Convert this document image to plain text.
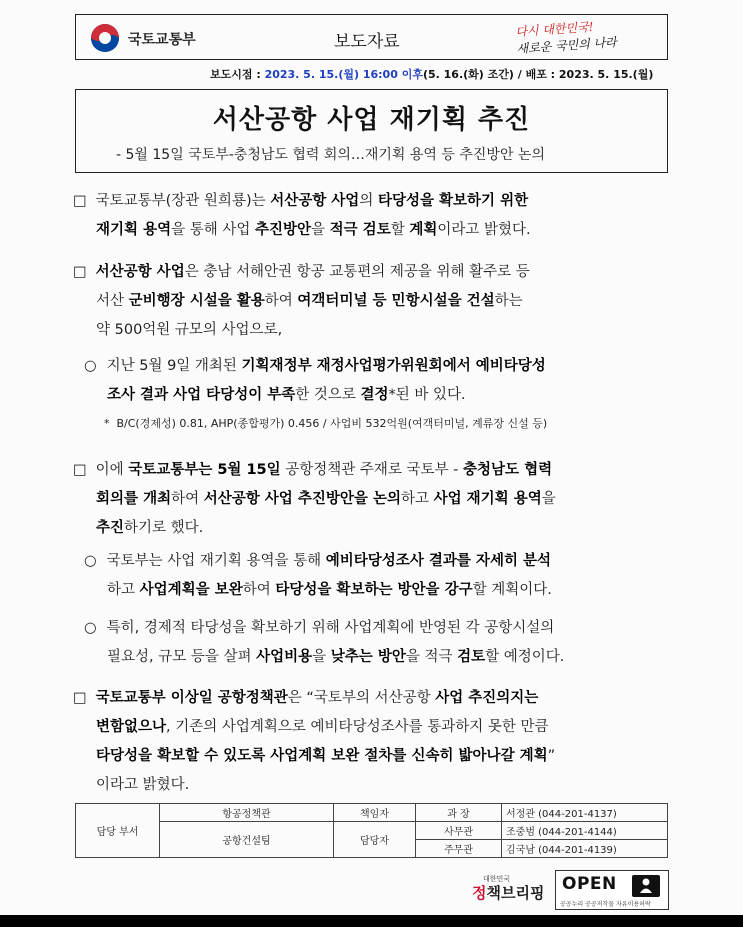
국토교통부	보도자료
다시 대한민국!
새로운 국민의 나라
보도시점 : 2023. 5. 15.(월) 16:00 이후(5. 16.(화) 조간) / 배포 : 2023. 5. 15.(월)
서산공항 사업 재기획 추진
- 5월 15일 국토부-충청남도 협력 회의…재기획 용역 등 추진방안 논의
□ 국토교통부(장관 원희룡)는 서산공항 사업의 타당성을 확보하기 위한
재기획 용역을 통해 사업 추진방안을 적극 검토할 계획이라고 밝혔다.
□ 서산공항 사업은 충남 서해안권 항공 교통편의 제공을 위해 활주로 등
서산 군비행장 시설을 활용하여 여객터미널 등 민항시설을 건설하는
약 500억원 규모의 사업으로,
○ 지난 5월 9일 개최된 기획재정부 재정사업평가위원회에서 예비타당성
조사 결과 사업 타당성이 부족한 것으로 결정*된 바 있다.
* B/C(경제성) 0.81, AHP(종합평가) 0.456 / 사업비 532억원(여객터미널, 계류장 신설 등)
□ 이에 국토교통부는 5월 15일 공항정책관 주재로 국토부 - 충청남도 협력
회의를 개최하여 서산공항 사업 추진방안을 논의하고 사업 재기획 용역을
추진하기로 했다.
○ 국토부는 사업 재기획 용역을 통해 예비타당성조사 결과를 자세히 분석
하고 사업계획을 보완하여 타당성을 확보하는 방안을 강구할 계획이다.
○ 특히, 경제적 타당성을 확보하기 위해 사업계획에 반영된 각 공항시설의
필요성, 규모 등을 살펴 사업비용을 낮추는 방안을 적극 검토할 예정이다.
□ 국토교통부 이상일 공항정책관은 “국토부의 서산공항 사업 추진의지는
변함없으나, 기존의 사업계획으로 예비타당성조사를 통과하지 못한 만큼
타당성을 확보할 수 있도록 사업계획 보완 절차를 신속히 밟아나갈 계획”
이라고 밝혔다.
담당 부서	항공정책관	책임자	과 장	서정관 (044-201-4137)
	공항건설팀	담당자	사무관	조중범 (044-201-4144)
			주무관	김국남 (044-201-4139)
대한민국
정책브리핑 OPEN
공공누리 공공저작물 자유이용허락
